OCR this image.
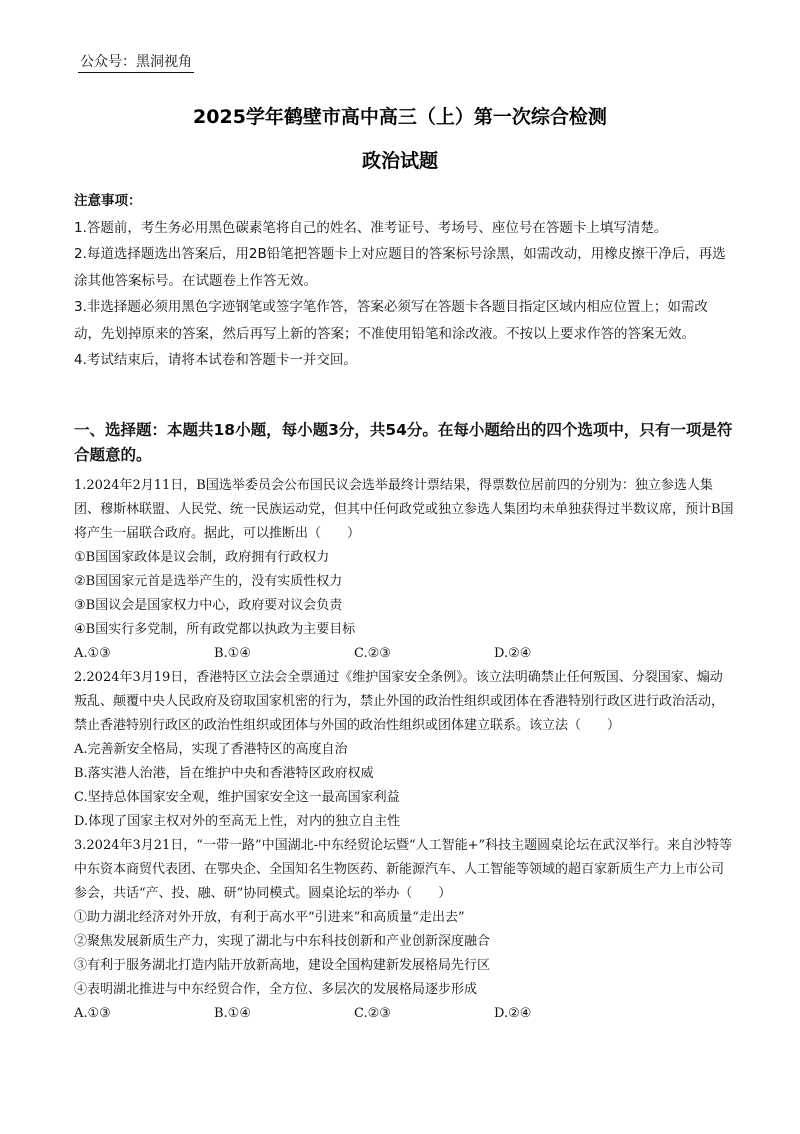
公众号：黑洞视角
2025学年鹤壁市高中高三（上）第一次综合检测
政治试题

注意事项：

1.答题前，考生务必用黑色碳素笔将自己的姓名、准考证号、考场号、座位号在答题卡上填写清楚。

2.每道选择题选出答案后，用2B铅笔把答题卡上对应题目的答案标号涂黑，如需改动，用橡皮擦干净后，再选涂其他答案标号。在试题卷上作答无效。

3.非选择题必须用黑色字迹钢笔或签字笔作答，答案必须写在答题卡各题目指定区域内相应位置上；如需改动，先划掉原来的答案，然后再写上新的答案；不准使用铅笔和涂改液。不按以上要求作答的答案无效。

4.考试结束后，请将本试卷和答题卡一并交回。

一、选择题：本题共18小题，每小题3分，共54分。在每小题给出的四个选项中，只有一项是符合题意的。

1.2024年2月11日，B国选举委员会公布国民议会选举最终计票结果，得票数位居前四的分别为：独立参选人集团、穆斯林联盟、人民党、统一民族运动党，但其中任何政党或独立参选人集团均未单独获得过半数议席，预计B国将产生一届联合政府。据此，可以推断出（　　）

①B国国家政体是议会制，政府拥有行政权力

②B国国家元首是选举产生的，没有实质性权力

③B国议会是国家权力中心，政府要对议会负责

④B国实行多党制，所有政党都以执政为主要目标

A.①③	B.①④	C.②③	D.②④

2.2024年3月19日，香港特区立法会全票通过《维护国家安全条例》。该立法明确禁止任何叛国、分裂国家、煽动叛乱、颠覆中央人民政府及窃取国家机密的行为，禁止外国的政治性组织或团体在香港特别行政区进行政治活动，禁止香港特别行政区的政治性组织或团体与外国的政治性组织或团体建立联系。该立法（　　）

A.完善新安全格局，实现了香港特区的高度自治

B.落实港人治港，旨在维护中央和香港特区政府权威

C.坚持总体国家安全观，维护国家安全这一最高国家利益

D.体现了国家主权对外的至高无上性，对内的独立自主性

3.2024年3月21日，“一带一路”中国湖北-中东经贸论坛暨“人工智能+”科技主题圆桌论坛在武汉举行。来自沙特等中东资本商贸代表团、在鄂央企、全国知名生物医药、新能源汽车、人工智能等领域的超百家新质生产力上市公司参会，共话“产、投、融、研”协同模式。圆桌论坛的举办（　　）

①助力湖北经济对外开放，有利于高水平“引进来”和高质量“走出去”

②聚焦发展新质生产力，实现了湖北与中东科技创新和产业创新深度融合

③有利于服务湖北打造内陆开放新高地，建设全国构建新发展格局先行区

④表明湖北推进与中东经贸合作，全方位、多层次的发展格局逐步形成

A.①③	B.①④	C.②③	D.②④
